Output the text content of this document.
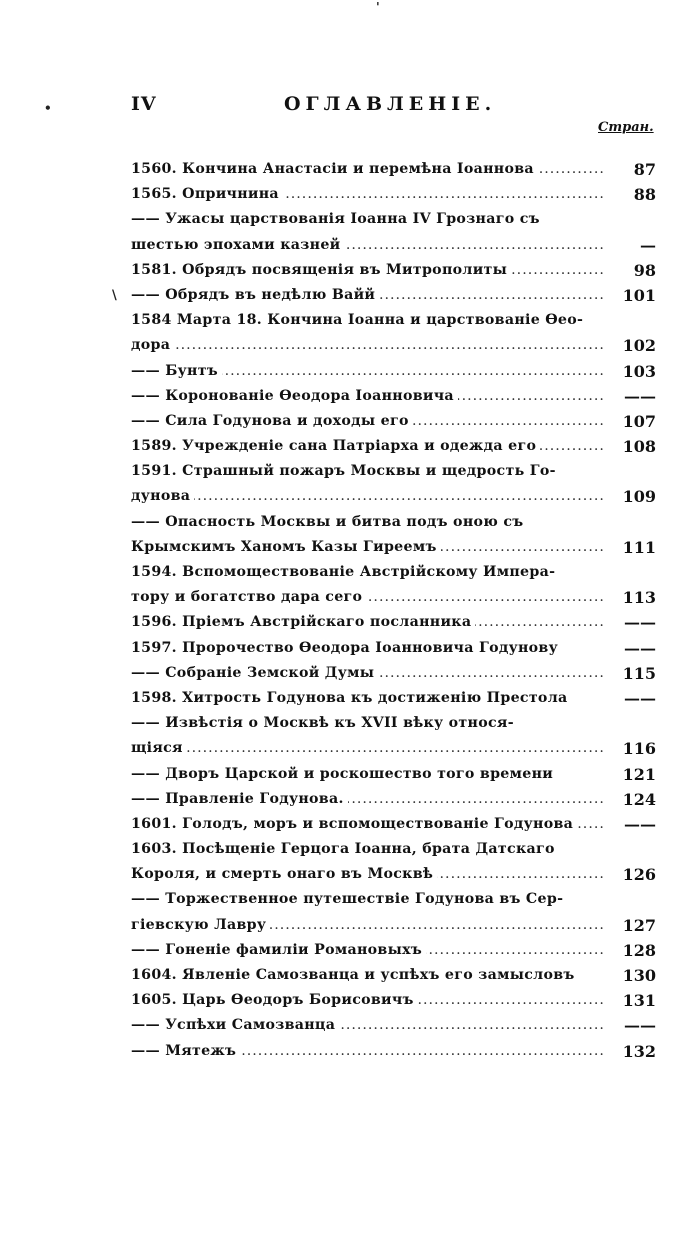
•
'
\
IV	ОГЛАВЛЕНІЕ.
Стран.
1560. Кончина Анастасіи и перемѣна Іоаннова .....	87
1565. Опричнина .....	88
—— Ужасы царствованія Іоанна IV Грознаго съ
шестью эпохами казней .....	—
1581. Обрядъ посвященія въ Митрополиты .....	98
—— Обрядъ въ недѣлю Вайй .....	101
1584 Марта 18. Кончина Іоанна и царствованіе Ѳео-
дора .....	102
—— Бунтъ .....	103
—— Коронованіе Ѳеодора Іоанновича .....	——
—— Сила Годунова и доходы его .....	107
1589. Учрежденіе сана Патріарха и одежда его .....	108
1591. Страшный пожаръ Москвы и щедрость Го-
дунова .....	109
—— Опасность Москвы и битва подъ оною съ
Крымскимъ Ханомъ Казы Гиреемъ .....	111
1594. Вспомоществованіе Австрійскому Импера-
тору и богатство дара сего .....	113
1596. Пріемъ Австрійскаго посланника .....	——
1597. Пророчество Ѳеодора Іоанновича Годунову	——
—— Собраніе Земской Думы .....	115
1598. Хитрость Годунова къ достиженію Престола	——
—— Извѣстія о Москвѣ къ XVII вѣку относя-
щіяся .....	116
—— Дворъ Царской и роскошество того времени	121
—— Правленіе Годунова. .....	124
1601. Голодъ, моръ и вспомоществованіе Годунова .....	——
1603. Посѣщеніе Герцога Іоанна, брата Датскаго
Короля, и смерть онаго въ Москвѣ .....	126
—— Торжественное путешествіе Годунова въ Сер-
гіевскую Лавру .....	127
—— Гоненіе фамиліи Романовыхъ .....	128
1604. Явленіе Самозванца и успѣхъ его замысловъ	130
1605. Царь Ѳеодоръ Борисовичъ .....	131
—— Успѣхи Самозванца .....	——
—— Мятежъ .....	132
